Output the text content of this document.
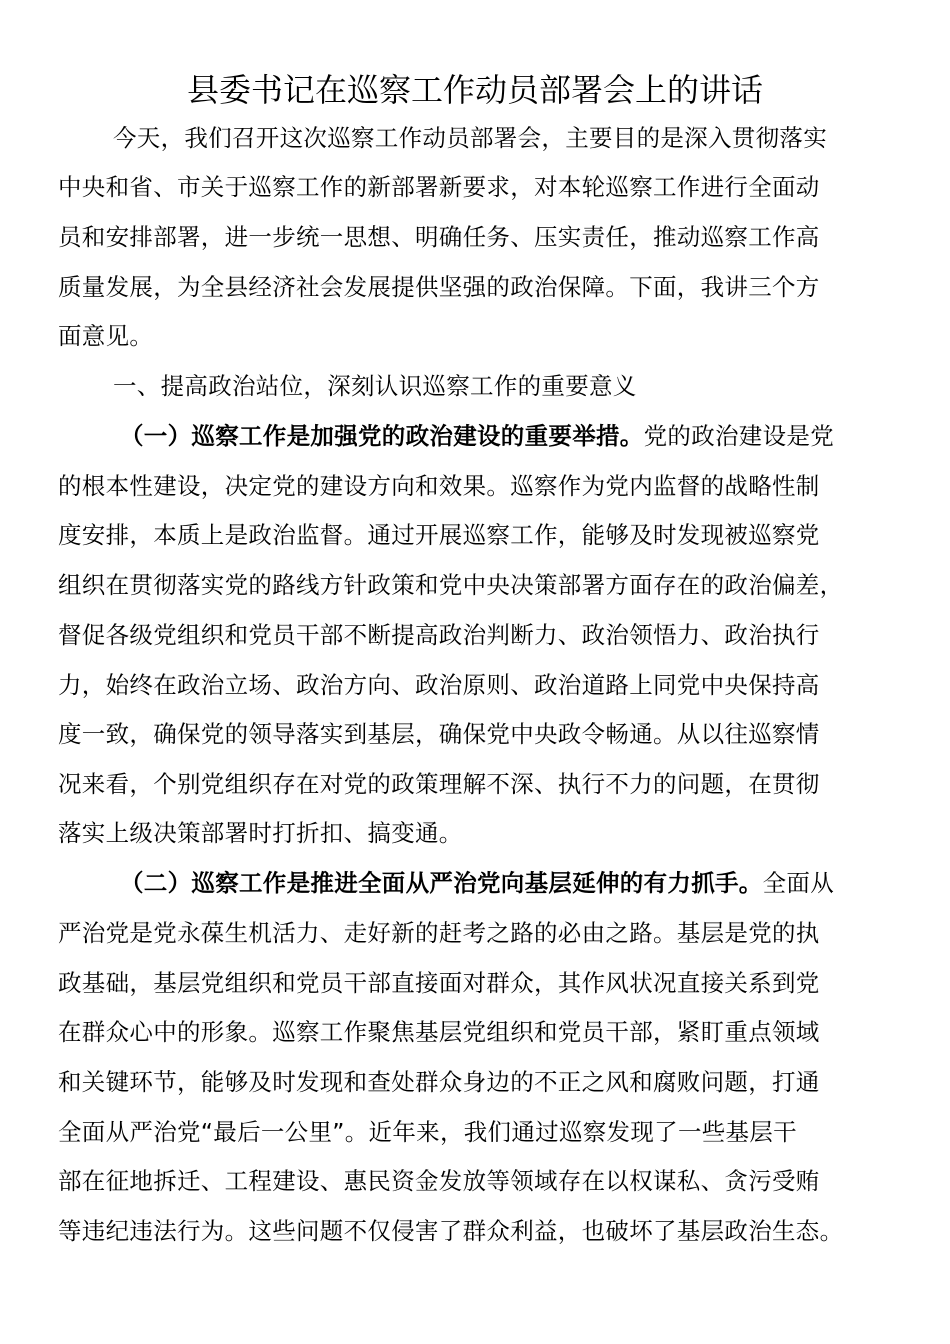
县委书记在巡察工作动员部署会上的讲话
今天，我们召开这次巡察工作动员部署会，主要目的是深入贯彻落实
中央和省、市关于巡察工作的新部署新要求，对本轮巡察工作进行全面动
员和安排部署，进一步统一思想、明确任务、压实责任，推动巡察工作高
质量发展，为全县经济社会发展提供坚强的政治保障。下面，我讲三个方
面意见。
一、提高政治站位，深刻认识巡察工作的重要意义
（一）巡察工作是加强党的政治建设的重要举措。党的政治建设是党
的根本性建设，决定党的建设方向和效果。巡察作为党内监督的战略性制
度安排，本质上是政治监督。通过开展巡察工作，能够及时发现被巡察党
组织在贯彻落实党的路线方针政策和党中央决策部署方面存在的政治偏差，
督促各级党组织和党员干部不断提高政治判断力、政治领悟力、政治执行
力，始终在政治立场、政治方向、政治原则、政治道路上同党中央保持高
度一致，确保党的领导落实到基层，确保党中央政令畅通。从以往巡察情
况来看，个别党组织存在对党的政策理解不深、执行不力的问题，在贯彻
落实上级决策部署时打折扣、搞变通。
（二）巡察工作是推进全面从严治党向基层延伸的有力抓手。全面从
严治党是党永葆生机活力、走好新的赶考之路的必由之路。基层是党的执
政基础，基层党组织和党员干部直接面对群众，其作风状况直接关系到党
在群众心中的形象。巡察工作聚焦基层党组织和党员干部，紧盯重点领域
和关键环节，能够及时发现和查处群众身边的不正之风和腐败问题，打通
全面从严治党“最后一公里”。近年来，我们通过巡察发现了一些基层干
部在征地拆迁、工程建设、惠民资金发放等领域存在以权谋私、贪污受贿
等违纪违法行为。这些问题不仅侵害了群众利益，也破坏了基层政治生态。
